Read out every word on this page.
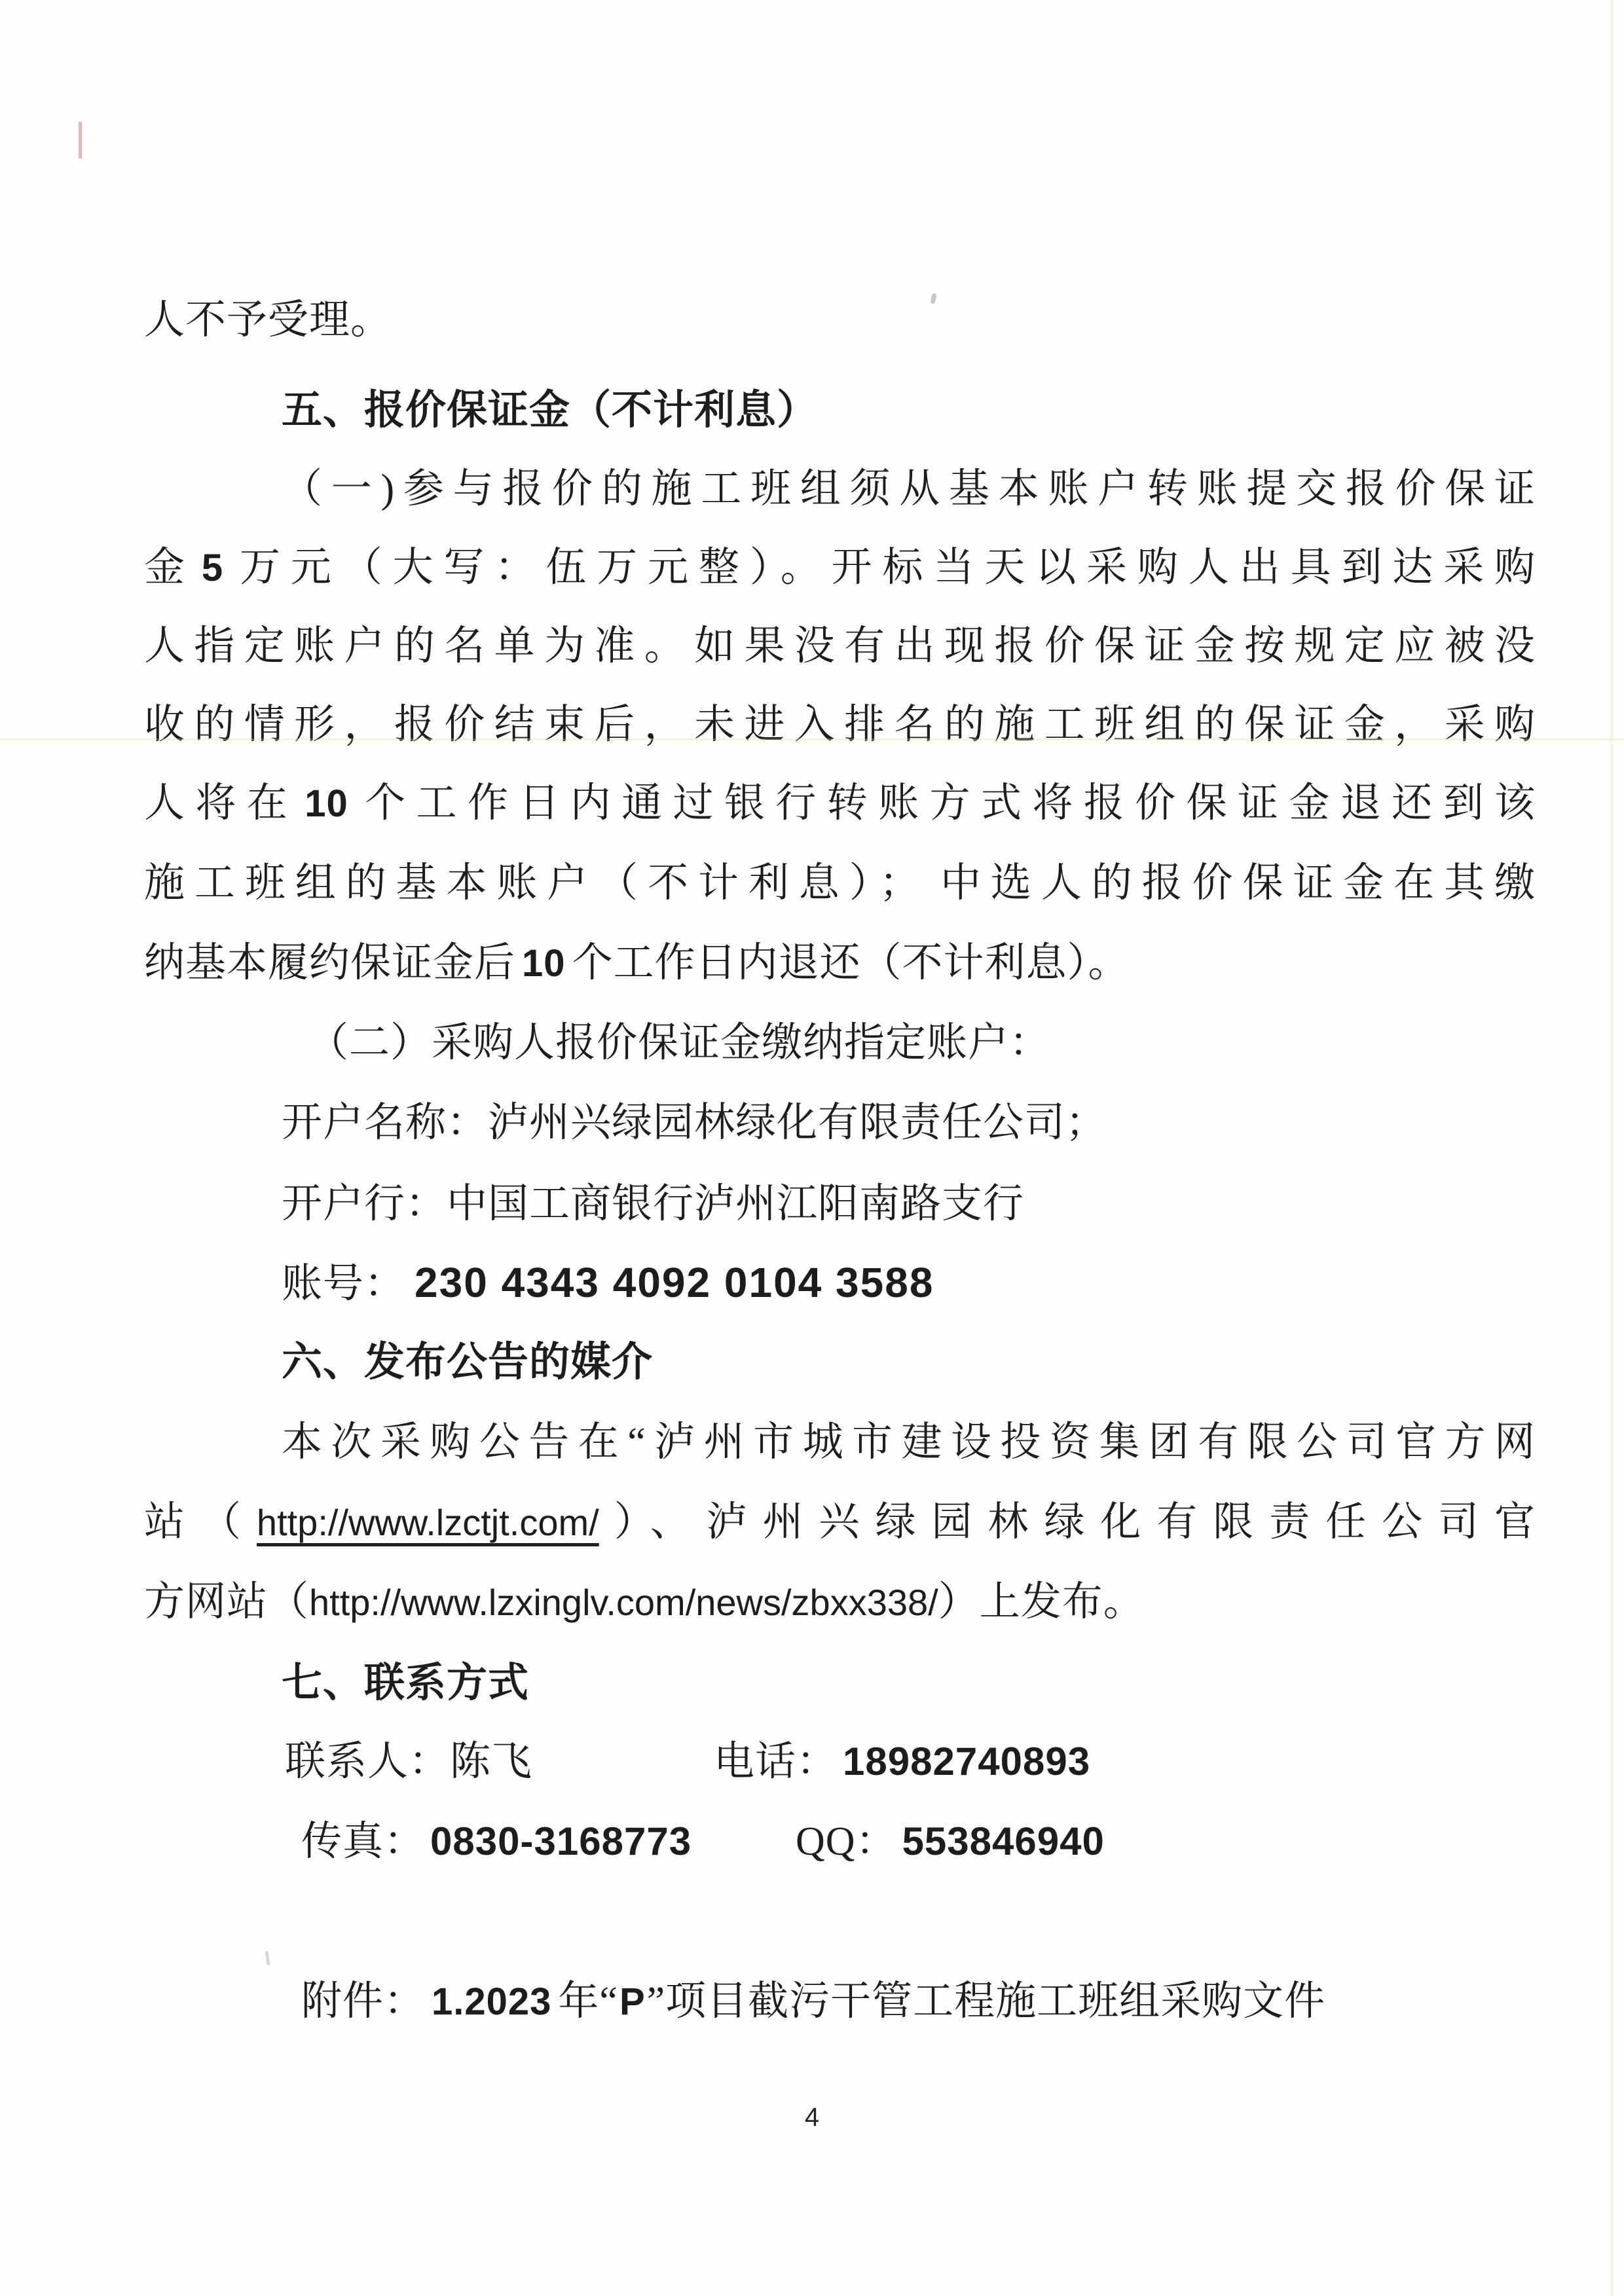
人不予受理。
五、报价保证金（不计利息）
（一)参与报价的施工班组须从基本账户转账提交报价保证
金 5 万元（大写：伍万元整）。开标当天以采购人出具到达采购
人指定账户的名单为准。如果没有出现报价保证金按规定应被没
收的情形，报价结束后，未进入排名的施工班组的保证金，采购
人将在 10 个工作日内通过银行转账方式将报价保证金退还到该
施工班组的基本账户（不计利息）； 中选人的报价保证金在其缴
纳基本履约保证金后 10 个工作日内退还（不计利息）。
（二）采购人报价保证金缴纳指定账户：
开户名称：泸州兴绿园林绿化有限责任公司；
开户行：中国工商银行泸州江阳南路支行
账号： 230 4343 4092 0104 3588
六、发布公告的媒介
本次采购公告在“泸州市城市建设投资集团有限公司官方网
站（http://www.lzctjt.com/）、泸州兴绿园林绿化有限责任公司官
方网站（http://www.lzxinglv.com/news/zbxx338/）上发布。
七、联系方式

联系人：陈飞

	电话： 18982740893

传真： 0830-3168773

	QQ： 553846940

附件： 1.2023 年“P”项目截污干管工程施工班组采购文件
4
